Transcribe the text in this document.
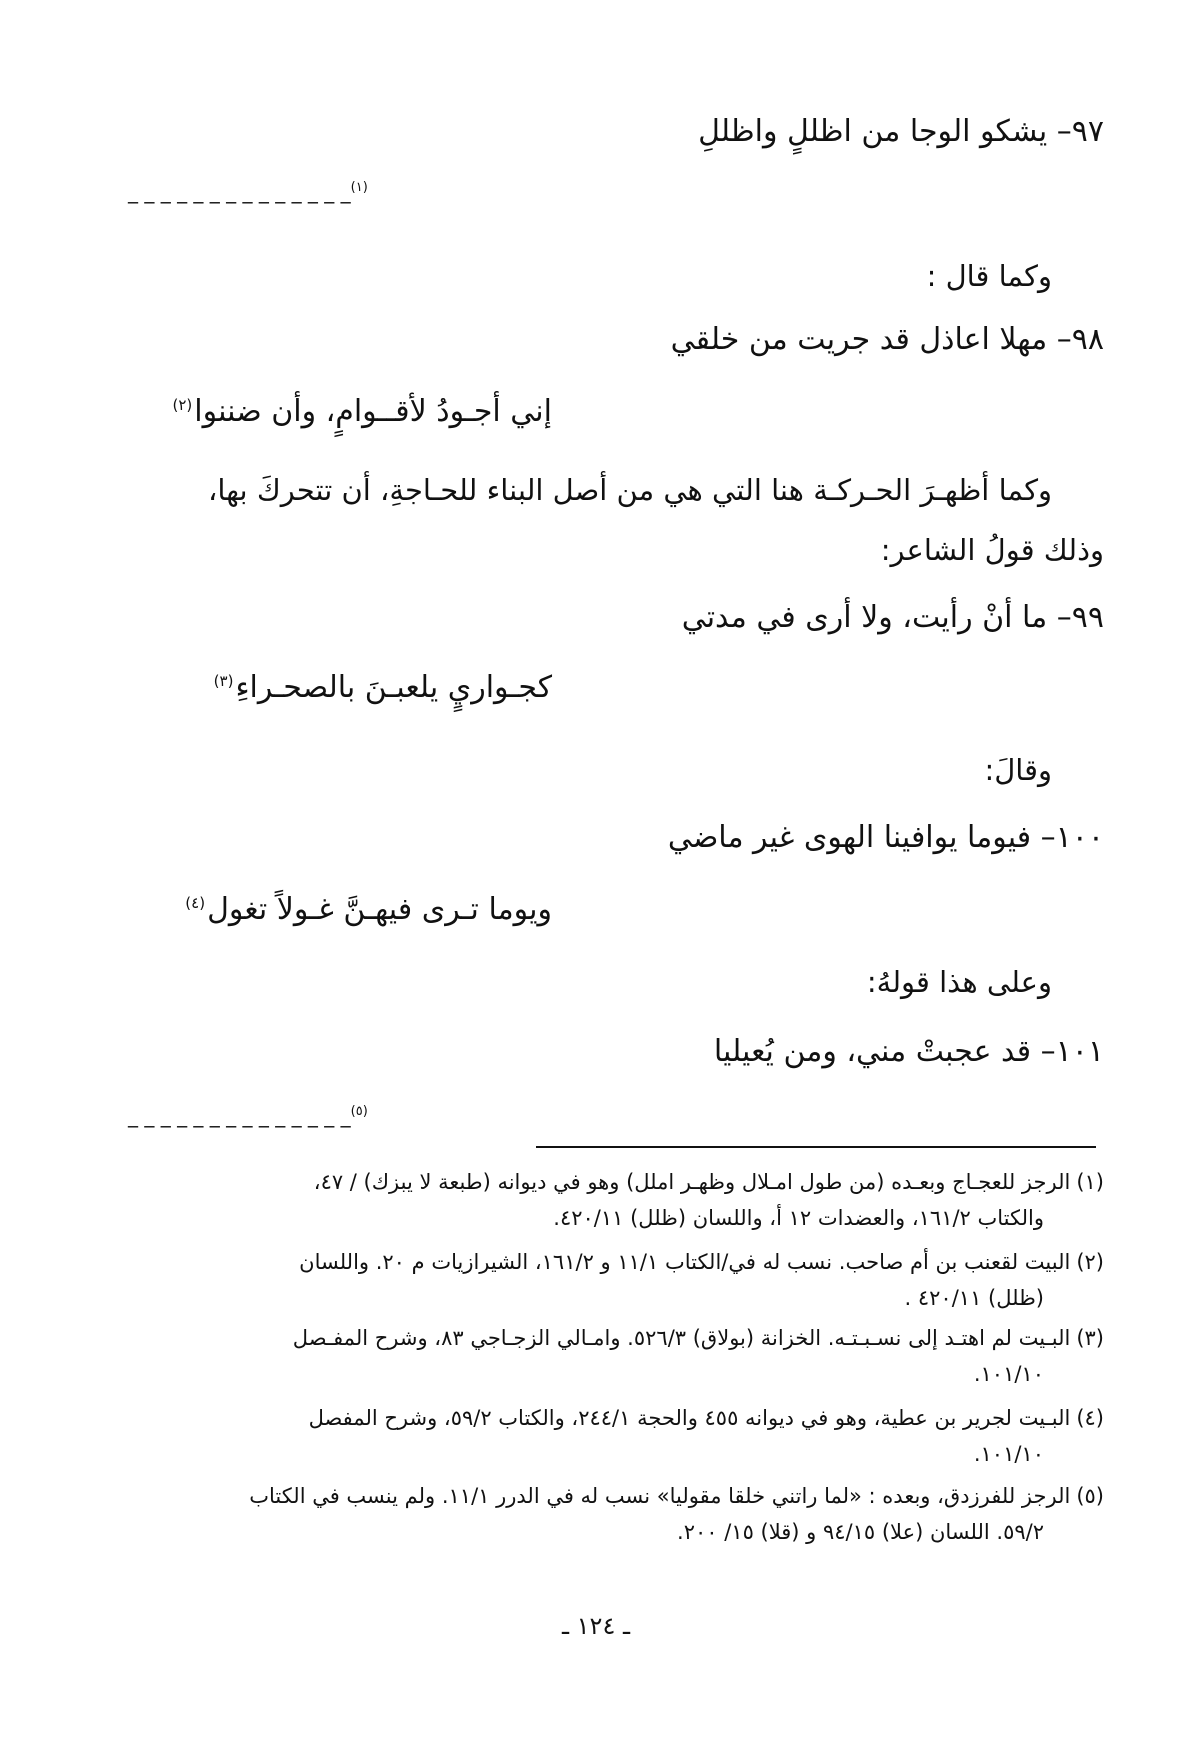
٩٧– يشكو الوجا من اظللٍ واظللِ
$^{(١)}$_ _ _ _ _ _ _ _ _ _ _ _ _ _
وكما قال :
٩٨– مهلا اعاذل قد جريت من خلقي
إني أجـودُ لأقــوامٍ، وأن ضننوا$^{(٢)}$
وكما أظهـرَ الحـركـة هنا التي هي من أصل البناء للحـاجةِ، أن تتحركَ بها،
وذلك قولُ الشاعر:
٩٩– ما أنْ رأيت، ولا أرى في مدتي
كجـواريٍ يلعبـنَ بالصحـراءِ$^{(٣)}$
وقالَ:
١٠٠– فيوما يوافينا الهوى غير ماضي
ويوما تـرى فيهـنَّ غـولاً تغول$^{(٤)}$
وعلى هذا قولهُ:
١٠١– قد عجبتْ مني، ومن يُعيليا
$^{(٥)}$_ _ _ _ _ _ _ _ _ _ _ _ _ _
(١)الرجز للعجـاج وبعـده (من طول امـلال وظهـر املل) وهو في ديوانه (طبعة لا يبزك) / ٤٧،
والكتاب ١٦١/٢، والعضدات ١٢ أ، واللسان (ظلل) ٤٢٠/١١.
(٢)البيت لقعنب بن أم صاحب. نسب له في/الكتاب ١١/١ و ١٦١/٢، الشيرازيات م ٢٠. واللسان
(ظلل) ٤٢٠/١١ .
(٣)البـيت لم اهتـد إلى نسـبـتـه. الخزانة (بولاق) ٥٢٦/٣. وامـالي الزجـاجي ٨٣، وشرح المفـصل
١٠١/١٠.
(٤)البـيت لجرير بن عطية، وهو في ديوانه ٤٥٥ والحجة ٢٤٤/١، والكتاب ٥٩/٢، وشرح المفصل
١٠١/١٠.
(٥)الرجز للفرزدق، وبعده : «لما راتني خلقا مقوليا» نسب له في الدرر ١١/١. ولم ينسب في الكتاب
٥٩/٢. اللسان (علا) ٩٤/١٥ و (قلا) ١٥/ ٢٠٠.
ـ ١٢٤ ـ
